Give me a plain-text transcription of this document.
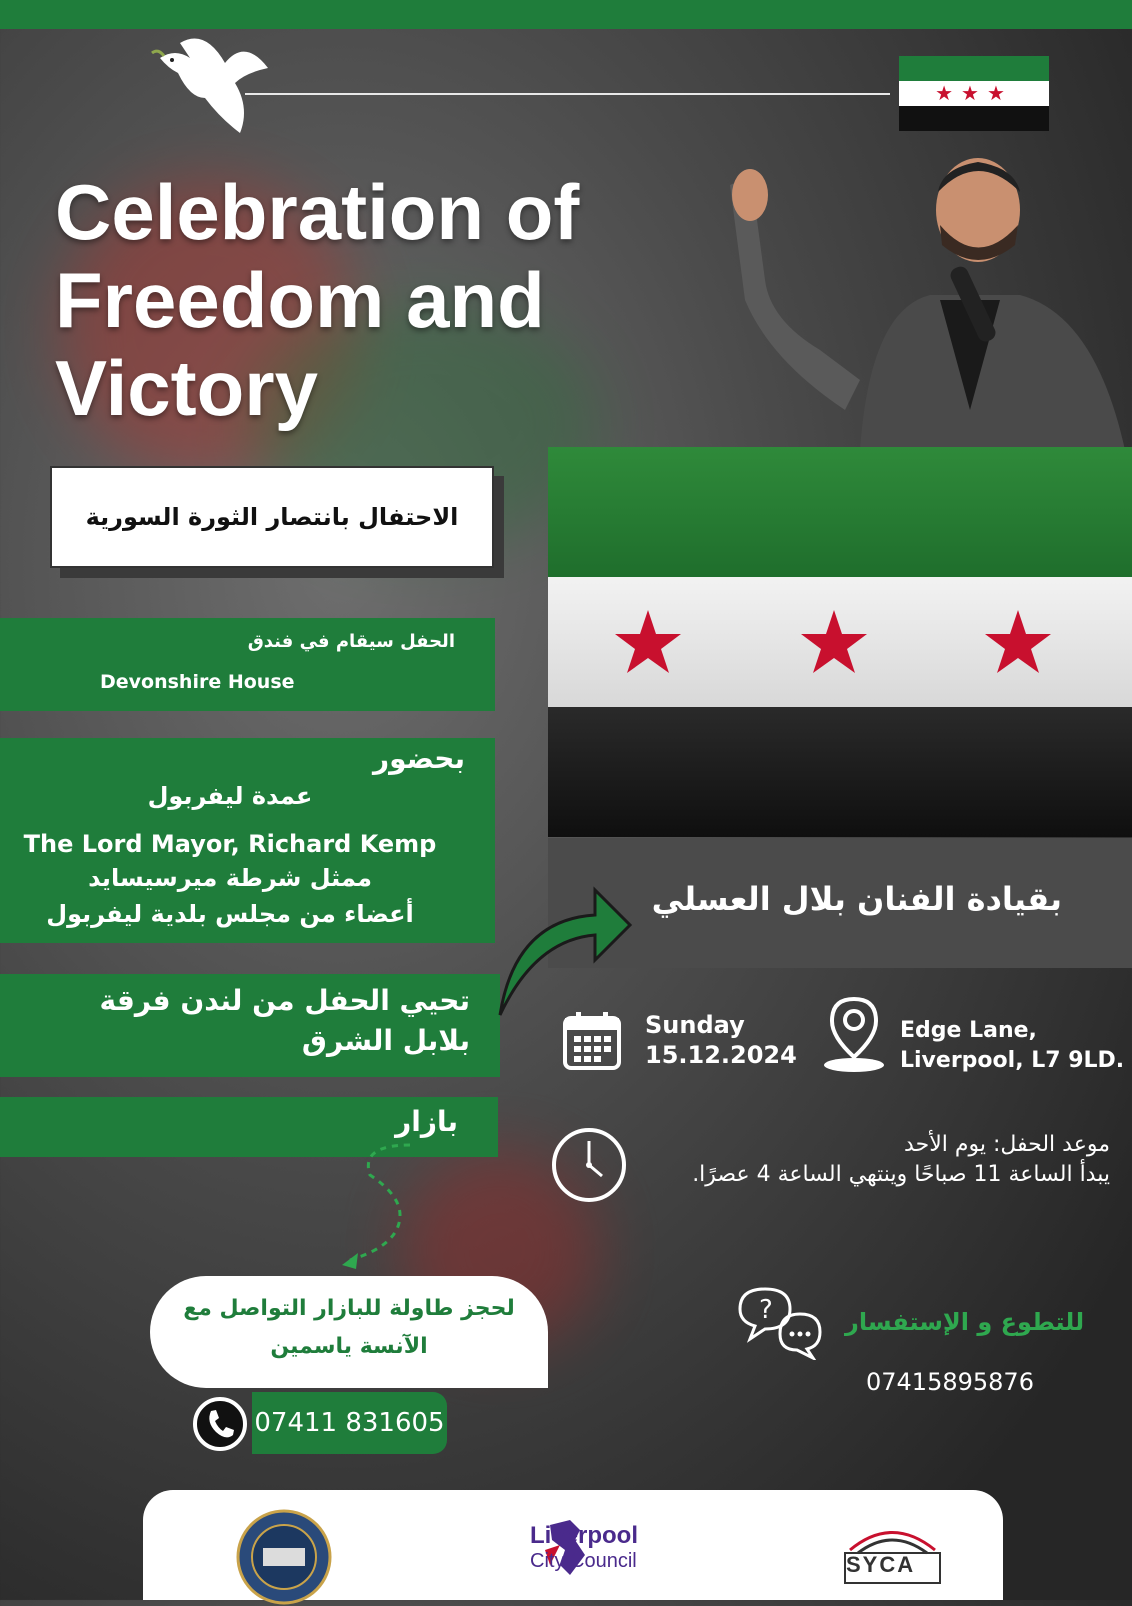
★★★
Celebration of Freedom and Victory
الاحتفال بانتصار الثورة السورية
الحفل سيقام في فندق
Devonshire House
بحضور
عمدة ليفربول
The Lord Mayor, Richard Kemp
ممثل شرطة ميرسيسايد
أعضاء من مجلس بلدية ليفربول
تحيي الحفل من لندن فرقة
بلابل الشرق
بازار
بقيادة الفنان بلال العسلي
Sunday
15.12.2024
Edge Lane,
Liverpool, L7 9LD.
موعد الحفل: يوم الأحد
يبدأ الساعة 11 صباحًا وينتهي الساعة 4 عصرًا.
لحجز طاولة للبازار التواصل مع
الآنسة ياسمين
07411 831605
?	للتطوع و الإستفسار
07415895876
Liverpool
City Council	SYCA
